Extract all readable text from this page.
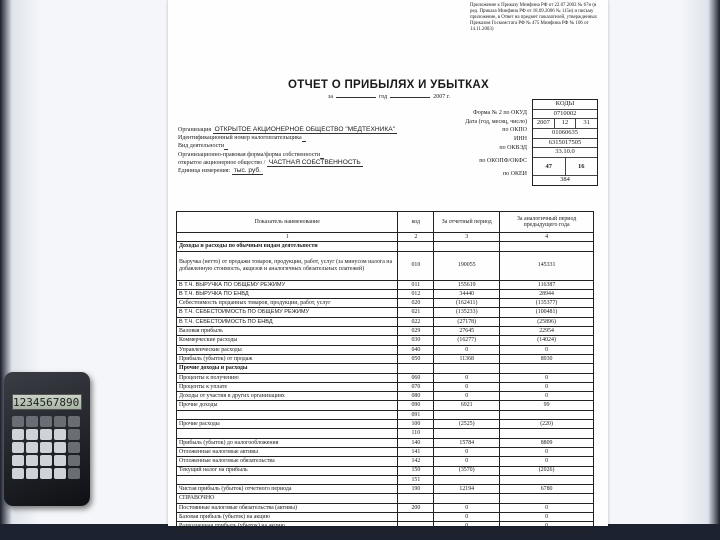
1234567890
Приложение к Приказу Минфина РФ от 22.07.2003 № 67н (в ред. Приказа Минфина РФ от 18.09.2006 № 115н) и письму приложение, в Ответ на предмет показателей, утвержденных Приказом Госкомстата РФ № 475 Минфина РФ № 106 от 14.11.2003)
ОТЧЕТ О ПРИБЫЛЯХ И УБЫТКАХ
за	год	2007 г.
Форма № 2 по ОКУД
Дата (год, месяц, число)
по ОКПО
ИНН
по ОКВЭД
по ОКОПФ/ОКФС
по ОКЕИ
КОДЫ
0710002
2007	12	31
01060635
6315017505
33.10.0
47	16
384
Организация ОТКРЫТОЕ АКЦИОНЕРНОЕ ОБЩЕСТВО "МЕДТЕХНИКА"
Идентификационный номер налогоплательщика
Вид деятельности
Организационно-правовая форма/форма собственности
открытое акционерное общество / ЧАСТНАЯ СОБСТВЕННОСТЬ
Единица измерения: тыс. руб.
Показатель наименование	код	За отчетный период	За аналогичный период предыдущего года
1	2	3	4
Доходы и расходы по обычным видам деятельности			
Выручка (нетто) от продажи товаров, продукции, работ, услуг (за минусом налога на добавленную стоимость, акцизов и аналогичных обязательных платежей)	010	190055	145331
В Т.Ч. ВЫРУЧКА ПО ОБЩЕМУ РЕЖИМУ	011	155619	116387
В Т.Ч. ВЫРУЧКА ПО ЕНВД	012	34440	28944
Себестоимость проданных товаров, продукции, работ, услуг	020	(162411)	(135377)
В Т.Ч. СЕБЕСТОИМОСТЬ ПО ОБЩЕМУ РЕЖИМУ	021	(135233)	(100481)
В Т.Ч. СЕБЕСТОИМОСТЬ ПО ЕНВД	022	(27178)	(25896)
Валовая прибыль	029	27645	22954
Коммерческие расходы	030	(16277)	(14024)
Управленческие расходы	040	0	0
Прибыль (убыток) от продаж	050	11368	8930
Прочие доходы и расходы			
Проценты к получению	060	0	0
Проценты к уплате	070	0	0
Доходы от участия в других организациях	080	0	0
Прочие доходы	090	6921	99
	091		
Прочие расходы	100	(2525)	(220)
	110		
Прибыль (убыток) до налогообложения	140	15784	8809
Отложенные налоговые активы	141	0	0
Отложенные налоговые обязательства	142	0	0
Текущий налог на прибыль	150	(3570)	(2026)
	151		
Чистая прибыль (убыток) отчетного периода	190	12194	6780
СПРАВОЧНО			
Постоянные налоговые обязательства (активы)	200	0	0
Базовая прибыль (убыток) на акцию		0	0
Разводненная прибыль (убыток) на акцию		0	0
